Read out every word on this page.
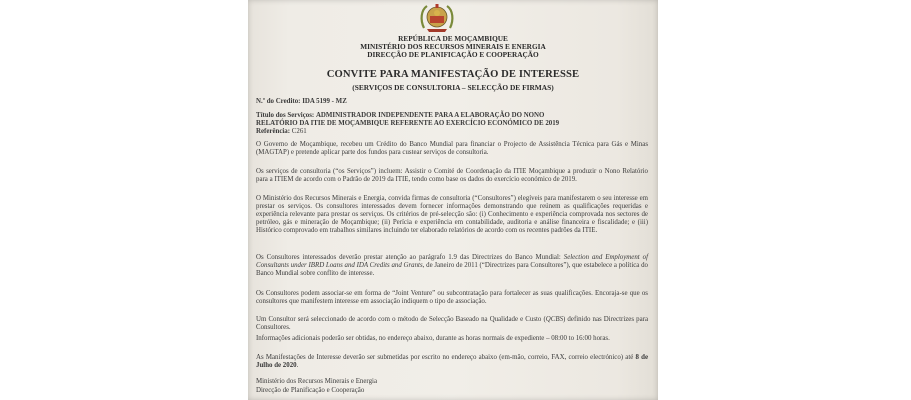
REPÚBLICA DE MOÇAMBIQUE
MINISTÉRIO DOS RECURSOS MINERAIS E ENERGIA
DIRECÇÃO DE PLANIFICAÇÃO E COOPERAÇÃO
CONVITE PARA MANIFESTAÇÃO DE INTERESSE
(SERVIÇOS DE CONSULTORIA – SELECÇÃO DE FIRMAS)
N.º do Credito: IDA 5199 - MZ
Título dos Serviços: ADMINISTRADOR INDEPENDENTE PARA A ELABORAÇÃO DO NONO
RELATÓRIO DA ITIE DE MOÇAMBIQUE REFERENTE AO EXERCÍCIO ECONÓMICO DE 2019
Referência: C261
O Governo de Moçambique, recebeu um Crédito do Banco Mundial para financiar o Projecto de Assistência Técnica para Gás e Minas (MAGTAP) e pretende aplicar parte dos fundos para custear serviços de consultoria.
Os serviços de consultoria (“os Serviços”) incluem: Assistir o Comité de Coordenação da ITIE Moçambique a produzir o Nono Relatório para a ITIEM de acordo com o Padrão de 2019 da ITIE, tendo como base os dados do exercício económico de 2019.
O Ministério dos Recursos Minerais e Energia, convida firmas de consultoria (“Consultores”) elegíveis para manifestarem o seu interesse em prestar os serviços. Os consultores interessados devem fornecer informações demonstrando que reúnem as qualificações requeridas e experiência relevante para prestar os serviços. Os critérios de pré-selecção são: (i) Conhecimento e experiência comprovada nos sectores de petróleo, gás e mineração de Moçambique; (ii) Perícia e experiência em contabilidade, auditoria e análise financeira e fiscalidade; e (iii) Histórico comprovado em trabalhos similares incluindo ter elaborado relatórios de acordo com os recentes padrões da ITIE.
Os Consultores interessados deverão prestar atenção ao parágrafo 1.9 das Directrizes do Banco Mundial: Selection and Employment of Consultants under IBRD Loans and IDA Credits and Grants, de Janeiro de 2011 (“Directrizes para Consultores”), que estabelece a política do Banco Mundial sobre conflito de interesse.
Os Consultores podem associar-se em forma de “Joint Venture” ou subcontratação para fortalecer as suas qualificações. Encoraja-se que os consultores que manifestem interesse em associação indiquem o tipo de associação.
Um Consultor será seleccionado de acordo com o método de Selecção Baseado na Qualidade e Custo (QCBS) definido nas Directrizes para Consultores.
Informações adicionais poderão ser obtidas, no endereço abaixo, durante as horas normais de expediente – 08:00 to 16:00 horas.
As Manifestações de Interesse deverão ser submetidas por escrito no endereço abaixo (em-mão, correio, FAX, correio electrónico) até 8 de Julho de 2020.
Ministério dos Recursos Minerais e Energia
Direcção de Planificação e Cooperação
